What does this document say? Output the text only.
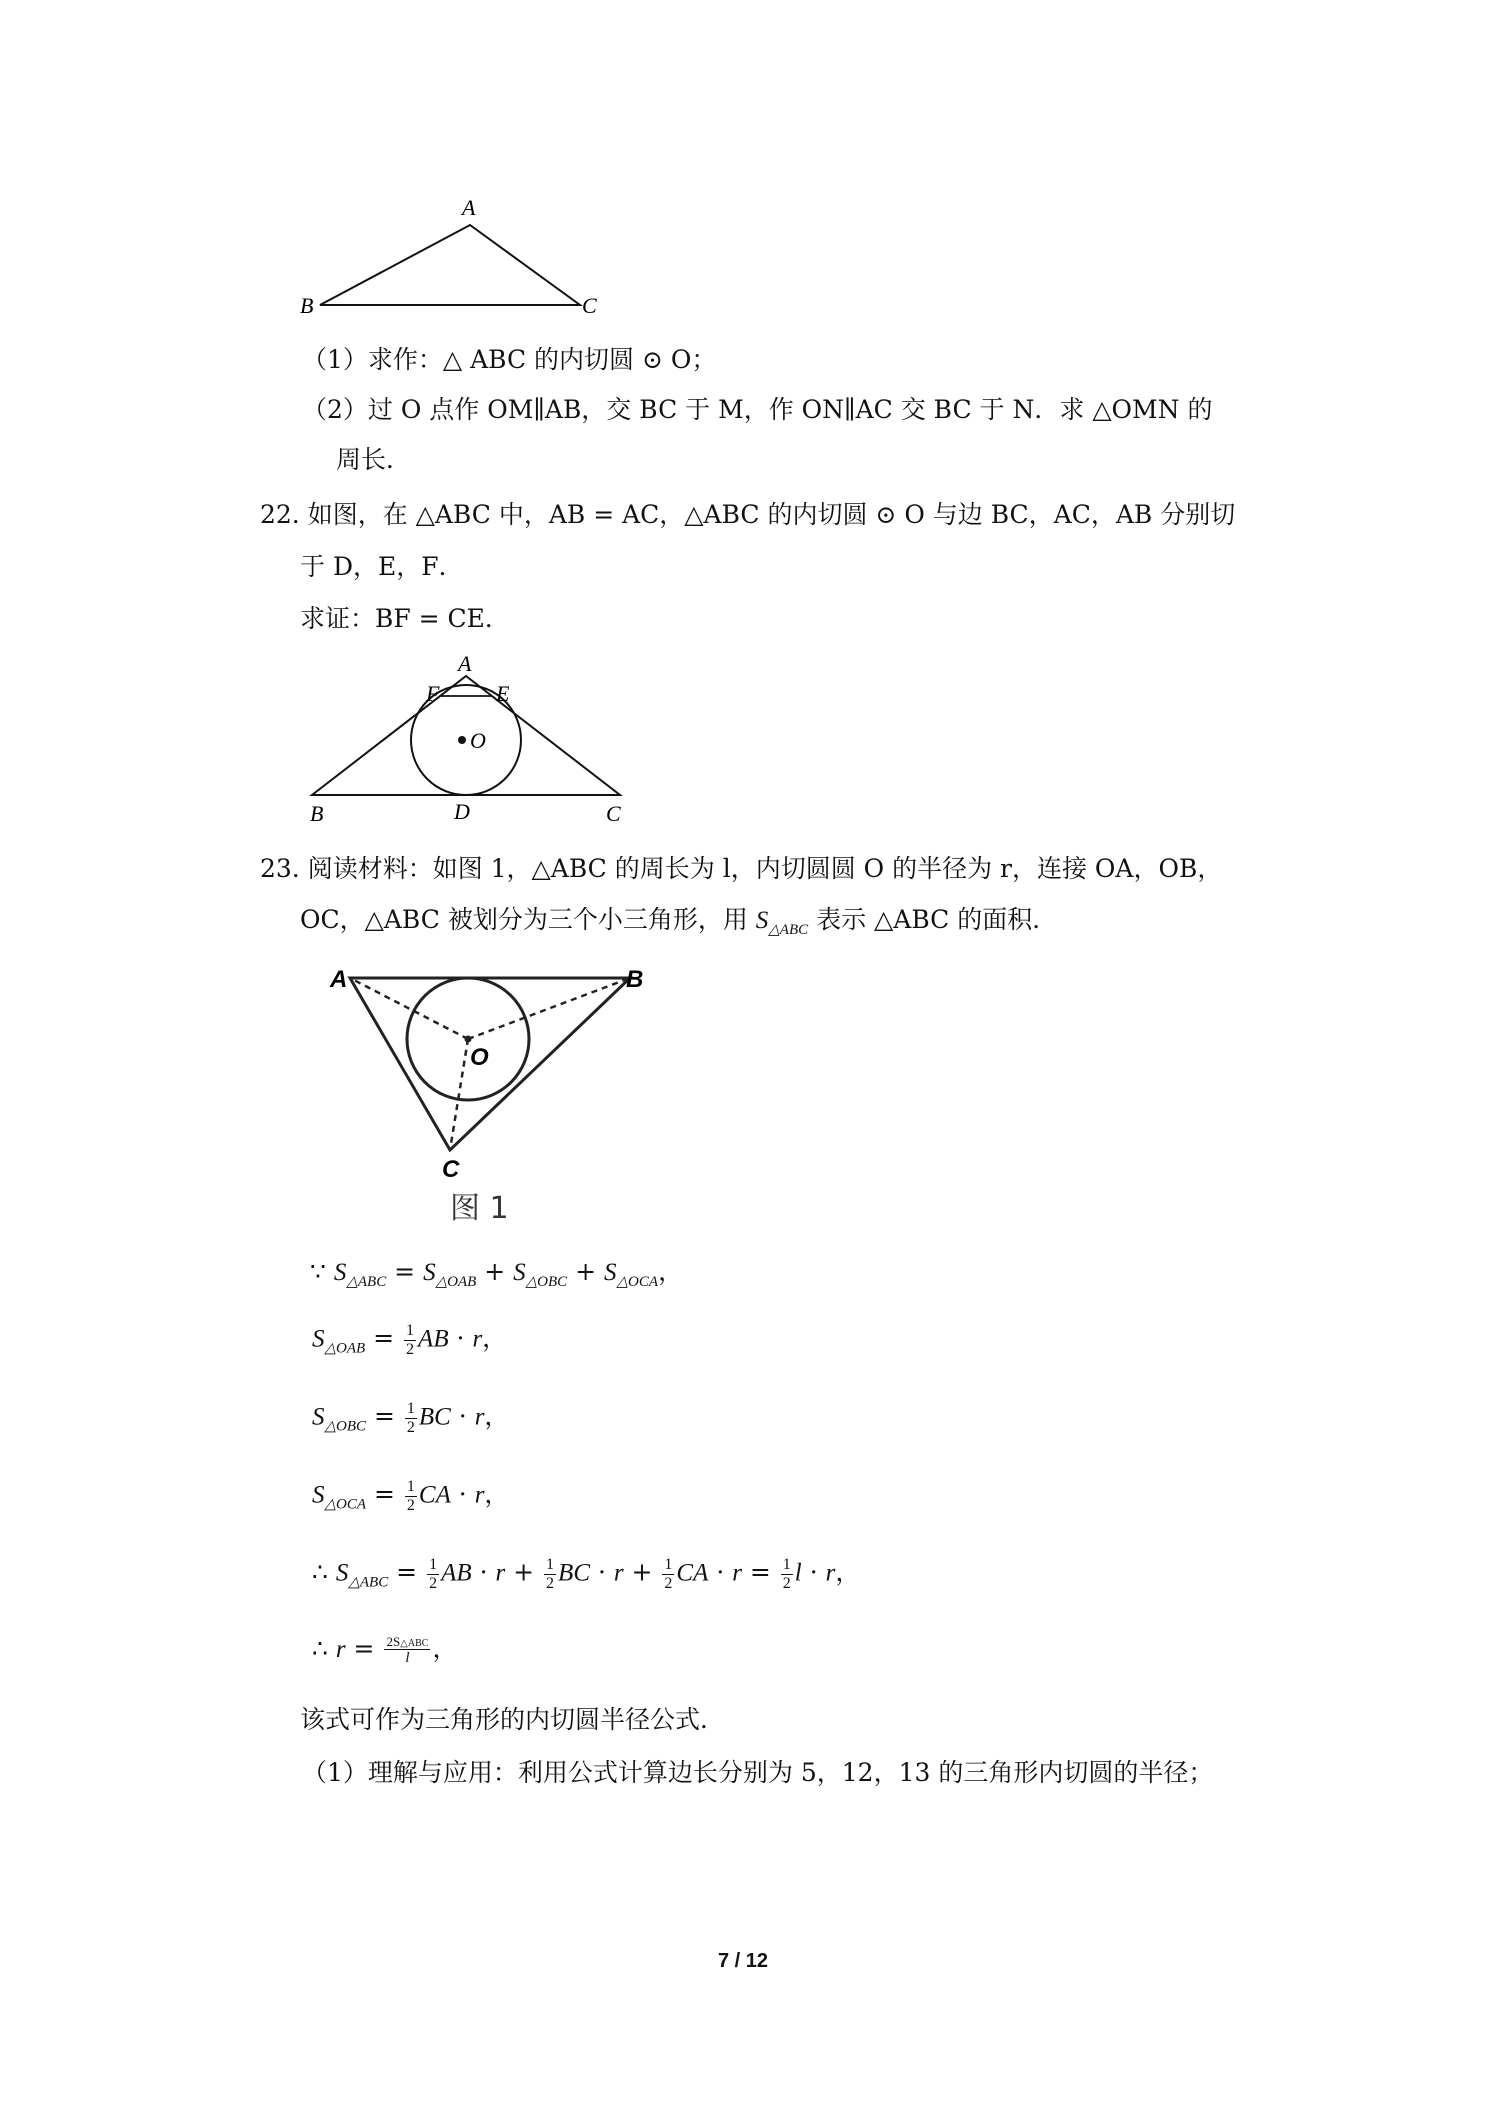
A
B	C
（1）求作：△ ABC 的内切圆 ⊙ O；
（2）过 O 点作 OM∥AB，交 BC 于 M，作 ON∥AC 交 BC 于 N．求 △OMN 的
周长．
22. 如图，在 △ABC 中，AB = AC，△ABC 的内切圆 ⊙ O 与边 BC，AC，AB 分别切
于 D，E，F．
求证：BF = CE．
A
F	E
O
B	D	C
23. 阅读材料：如图 1，△ABC 的周长为 l，内切圆圆 O 的半径为 r，连接 OA，OB，
OC，△ABC 被划分为三个小三角形，用 $S_{\triangle ABC}$ 表示 △ABC 的面积．
A	B
O
C
图 1
∵ $S_{\triangle ABC} = S_{\triangle OAB} + S_{\triangle OBC} + S_{\triangle OCA}$，
$S_{\triangle OAB} = \frac{1}{2}$ AB · r，
$S_{\triangle OBC} = \frac{1}{2}$ BC · r，
$S_{\triangle OCA} = \frac{1}{2}$ CA · r，
∴ $S_{\triangle ABC} = \frac{1}{2}$ AB · $r + \frac{1}{2}$ BC · $r + \frac{1}{2}$ CA · $r = \frac{1}{2}$ l · r，
∴ $r = \frac{\text{2S△ABC}}{l}$ ，
该式可作为三角形的内切圆半径公式．
（1）理解与应用：利用公式计算边长分别为 5，12，13 的三角形内切圆的半径；
7 / 12
